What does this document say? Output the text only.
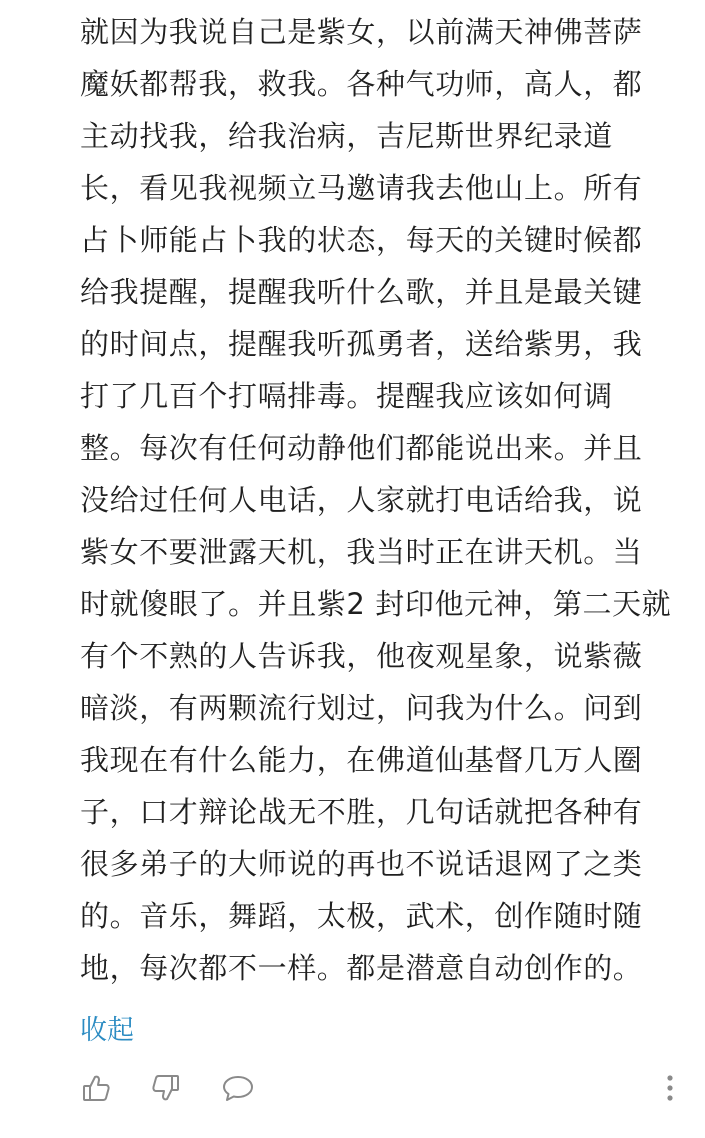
就因为我说自己是紫女，以前满天神佛菩萨
魔妖都帮我，救我。各种气功师，高人，都
主动找我，给我治病，吉尼斯世界纪录道
长，看见我视频立马邀请我去他山上。所有
占卜师能占卜我的状态，每天的关键时候都
给我提醒，提醒我听什么歌，并且是最关键
的时间点，提醒我听孤勇者，送给紫男，我
打了几百个打嗝排毒。提醒我应该如何调
整。每次有任何动静他们都能说出来。并且
没给过任何人电话，人家就打电话给我，说
紫女不要泄露天机，我当时正在讲天机。当
时就傻眼了。并且紫2 封印他元神，第二天就
有个不熟的人告诉我，他夜观星象，说紫薇
暗淡，有两颗流行划过，问我为什么。问到
我现在有什么能力，在佛道仙基督几万人圈
子，口才辩论战无不胜，几句话就把各种有
很多弟子的大师说的再也不说话退网了之类
的。音乐，舞蹈，太极，武术，创作随时随
地，每次都不一样。都是潜意自动创作的。
收起
